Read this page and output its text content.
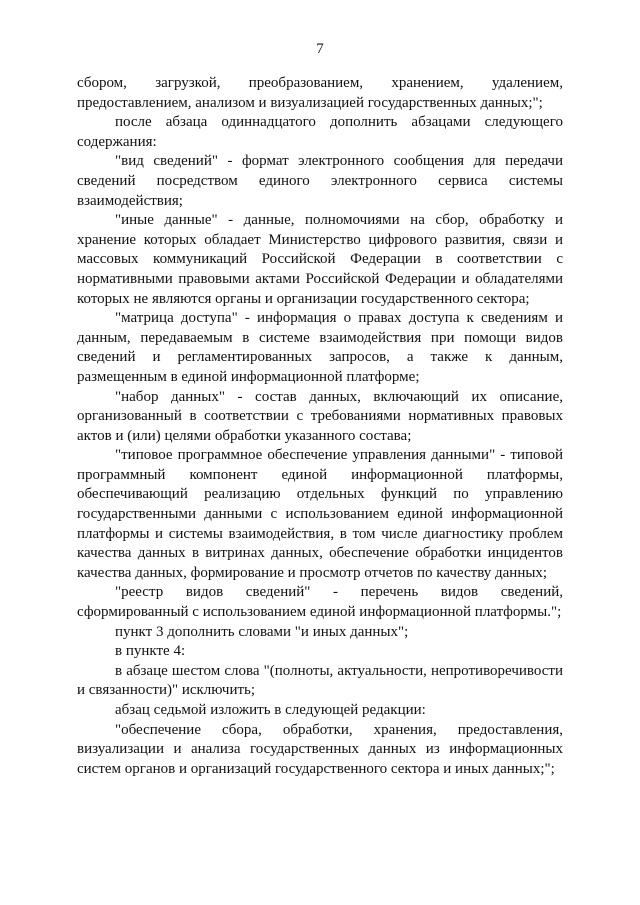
7

сбором, загрузкой, преобразованием, хранением, удалением, предоставлением, анализом и визуализацией государственных данных;";

после абзаца одиннадцатого дополнить абзацами следующего содержания:

"вид сведений" - формат электронного сообщения для передачи сведений посредством единого электронного сервиса системы взаимодействия;

"иные данные" - данные, полномочиями на сбор, обработку и хранение которых обладает Министерство цифрового развития, связи и массовых коммуникаций Российской Федерации в соответствии с нормативными правовыми актами Российской Федерации и обладателями которых не являются органы и организации государственного сектора;

"матрица доступа" - информация о правах доступа к сведениям и данным, передаваемым в системе взаимодействия при помощи видов сведений и регламентированных запросов, а также к данным, размещенным в единой информационной платформе;

"набор данных" - состав данных, включающий их описание, организованный в соответствии с требованиями нормативных правовых актов и (или) целями обработки указанного состава;

"типовое программное обеспечение управления данными" - типовой программный компонент единой информационной платформы, обеспечивающий реализацию отдельных функций по управлению государственными данными с использованием единой информационной платформы и системы взаимодействия, в том числе диагностику проблем качества данных в витринах данных, обеспечение обработки инцидентов качества данных, формирование и просмотр отчетов по качеству данных;

"реестр видов сведений" - перечень видов сведений, сформированный с использованием единой информационной платформы.";

пункт 3 дополнить словами "и иных данных";

в пункте 4:

в абзаце шестом слова "(полноты, актуальности, непротиворечивости и связанности)" исключить;

абзац седьмой изложить в следующей редакции:

"обеспечение сбора, обработки, хранения, предоставления, визуализации и анализа государственных данных из информационных систем органов и организаций государственного сектора и иных данных;";
